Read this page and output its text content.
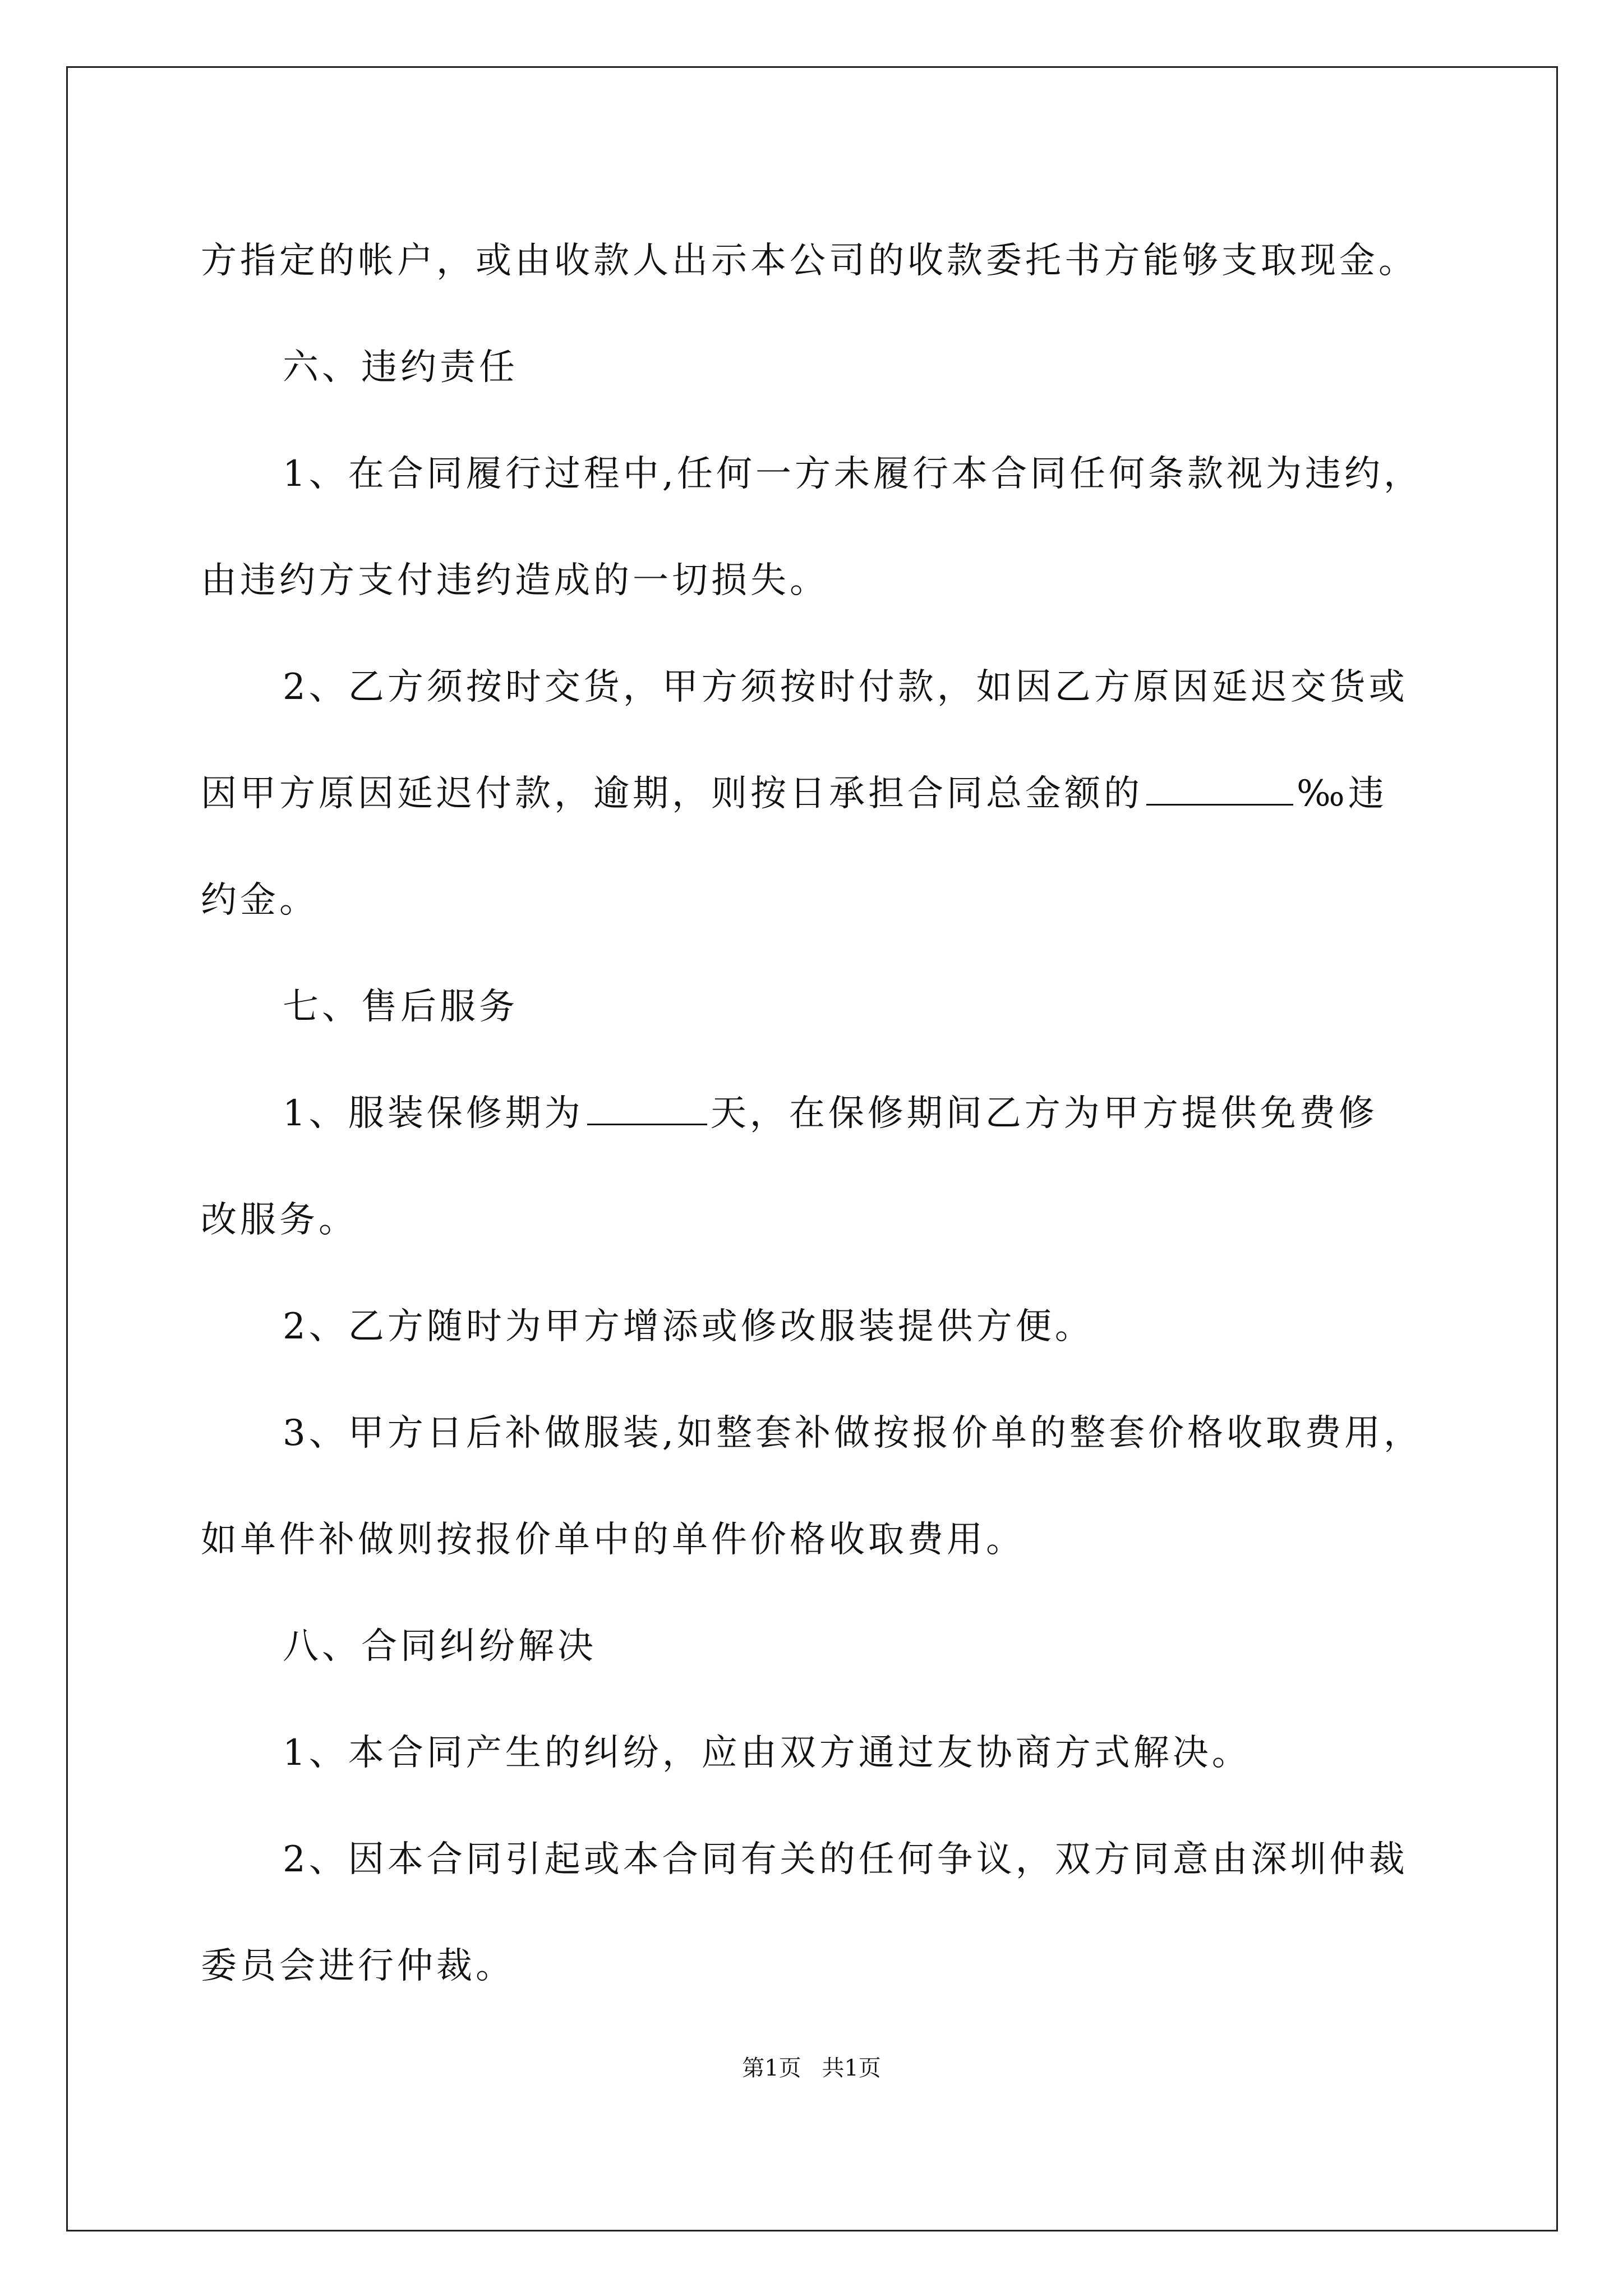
方指定的帐户，或由收款人出示本公司的收款委托书方能够支取现金。

六、违约责任

1、在合同履行过程中,任何一方未履行本合同任何条款视为违约，

由违约方支付违约造成的一切损失。

2、乙方须按时交货，甲方须按时付款，如因乙方原因延迟交货或

因甲方原因延迟付款，逾期，则按日承担合同总金额的	‰违

约金。

七、售后服务

1、服装保修期为	天，在保修期间乙方为甲方提供免费修

改服务。

2、乙方随时为甲方增添或修改服装提供方便。

3、甲方日后补做服装,如整套补做按报价单的整套价格收取费用，

如单件补做则按报价单中的单件价格收取费用。

八、合同纠纷解决

1、本合同产生的纠纷，应由双方通过友协商方式解决。

2、因本合同引起或本合同有关的任何争议，双方同意由深圳仲裁

委员会进行仲裁。

第1页 共1页
